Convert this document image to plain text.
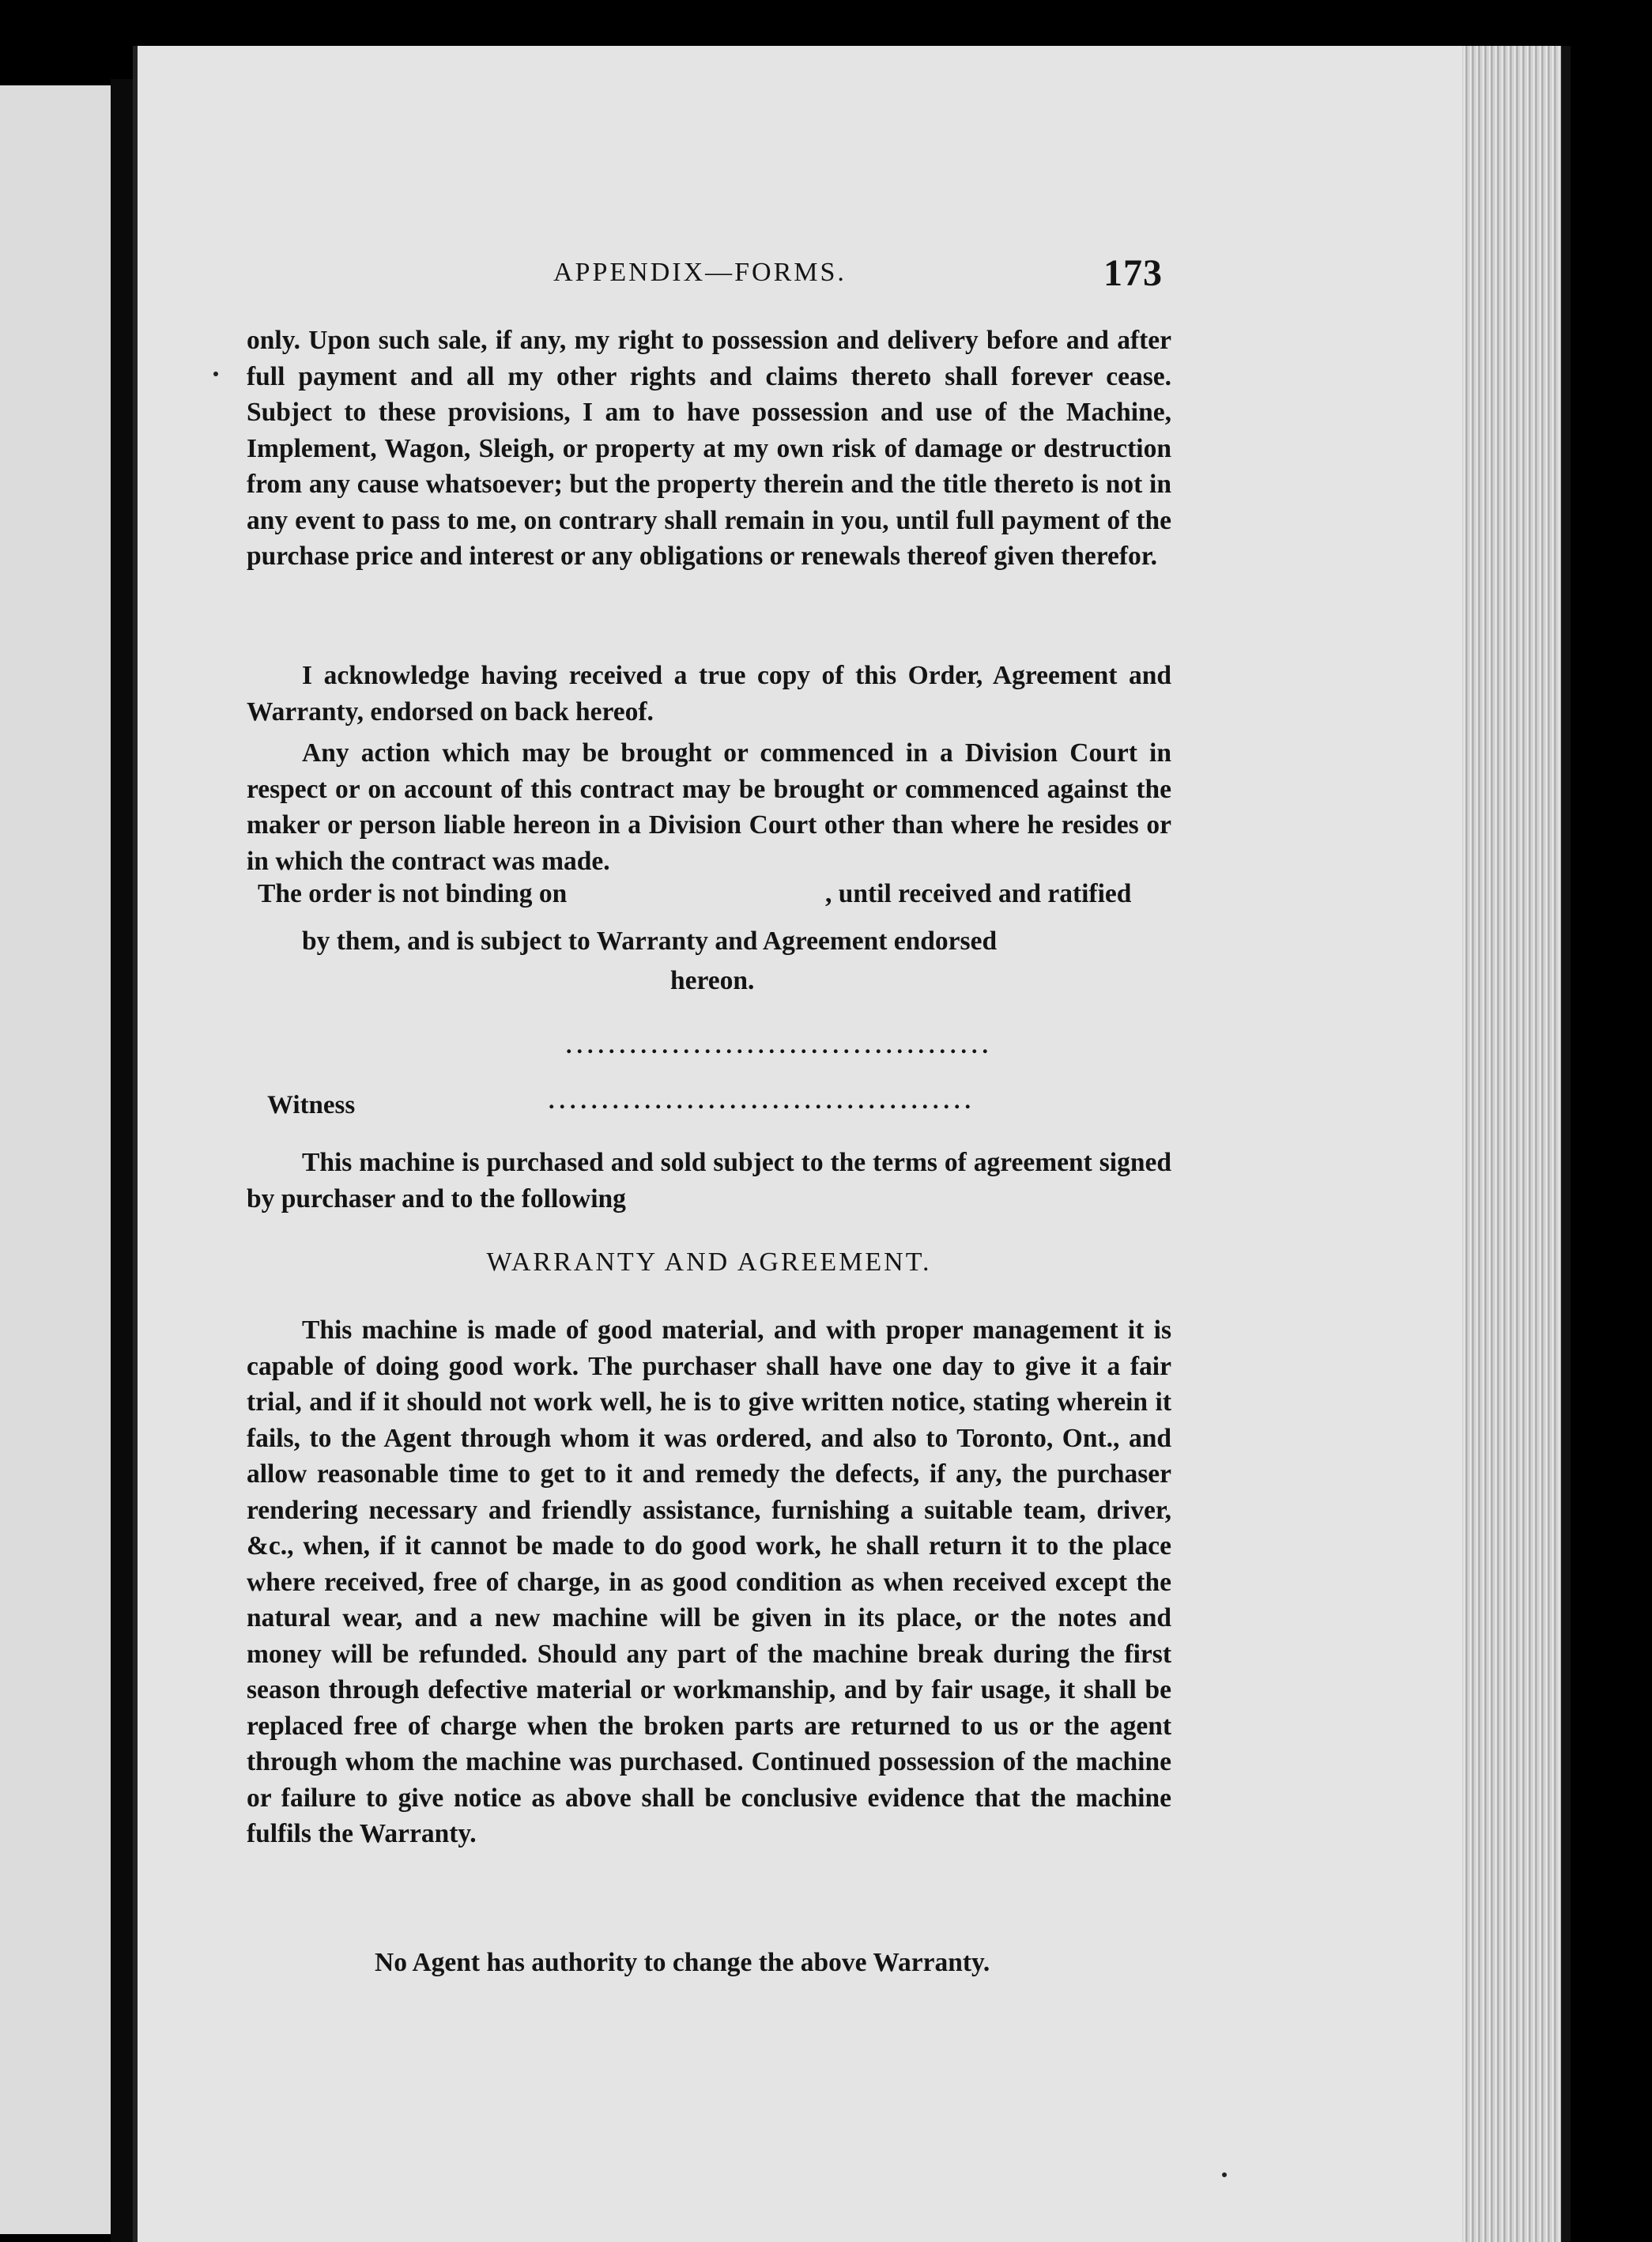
APPENDIX—FORMS.	173
only. Upon such sale, if any, my right to possession and delivery before and after full payment and all my other rights and claims thereto shall forever cease. Subject to these provisions, I am to have possession and use of the Machine, Implement, Wagon, Sleigh, or property at my own risk of damage or destruction from any cause whatsoever; but the property therein and the title thereto is not in any event to pass to me, on contrary shall remain in you, until full payment of the purchase price and interest or any obligations or renewals thereof given therefor.
I acknowledge having received a true copy of this Order, Agreement and Warranty, endorsed on back hereof.
Any action which may be brought or commenced in a Division Court in respect or on account of this contract may be brought or commenced against the maker or person liable hereon in a Division Court other than where he resides or in which the contract was made.
The order is not binding on	, until received and ratified
by them, and is subject to Warranty and Agreement endorsed
hereon.
........................................
Witness	........................................
This machine is purchased and sold subject to the terms of agreement signed by purchaser and to the following
WARRANTY AND AGREEMENT.
This machine is made of good material, and with proper management it is capable of doing good work. The purchaser shall have one day to give it a fair trial, and if it should not work well, he is to give written notice, stating wherein it fails, to the Agent through whom it was ordered, and also to Toronto, Ont., and allow reasonable time to get to it and remedy the defects, if any, the purchaser rendering necessary and friendly assistance, furnishing a suitable team, driver, &c., when, if it cannot be made to do good work, he shall return it to the place where received, free of charge, in as good condition as when received except the natural wear, and a new machine will be given in its place, or the notes and money will be refunded. Should any part of the machine break during the first season through defective material or workmanship, and by fair usage, it shall be replaced free of charge when the broken parts are returned to us or the agent through whom the machine was purchased. Continued possession of the machine or failure to give notice as above shall be conclusive evidence that the machine fulfils the Warranty.
No Agent has authority to change the above Warranty.
